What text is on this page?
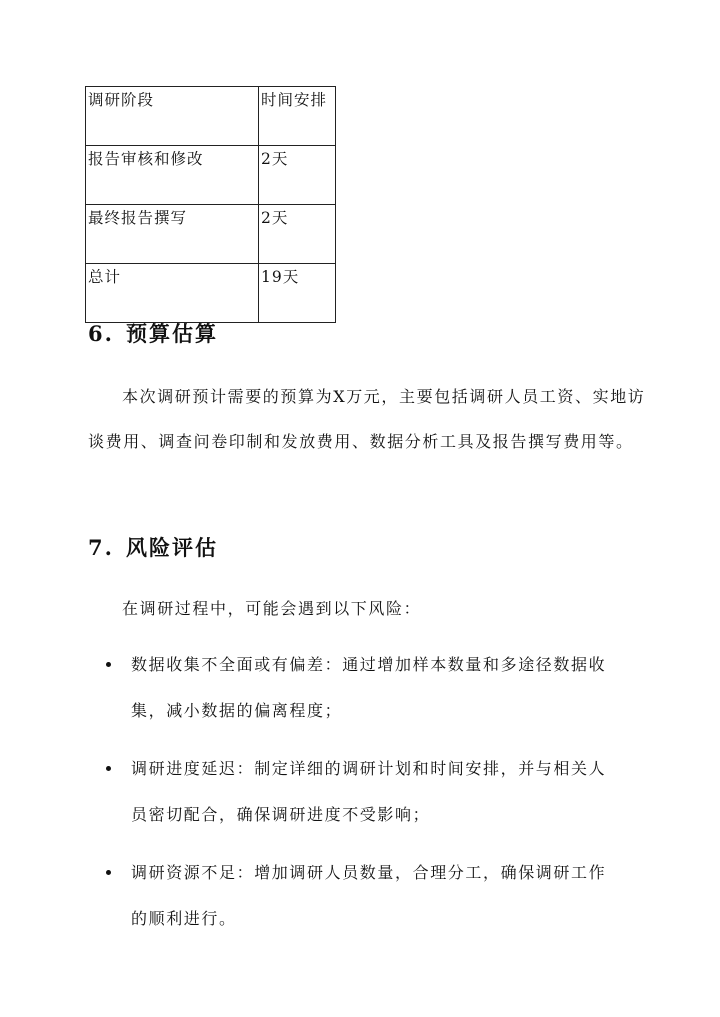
调研阶段	时间安排
报告审核和修改	2天
最终报告撰写	2天
总计	19天
6. 预算估算

本次调研预计需要的预算为X万元，主要包括调研人员工资、实地访谈费用、调查问卷印制和发放费用、数据分析工具及报告撰写费用等。

7. 风险评估

在调研过程中，可能会遇到以下风险：

数据收集不全面或有偏差：通过增加样本数量和多途径数据收集，减小数据的偏离程度；
调研进度延迟：制定详细的调研计划和时间安排，并与相关人员密切配合，确保调研进度不受影响；
调研资源不足：增加调研人员数量，合理分工，确保调研工作的顺利进行。
